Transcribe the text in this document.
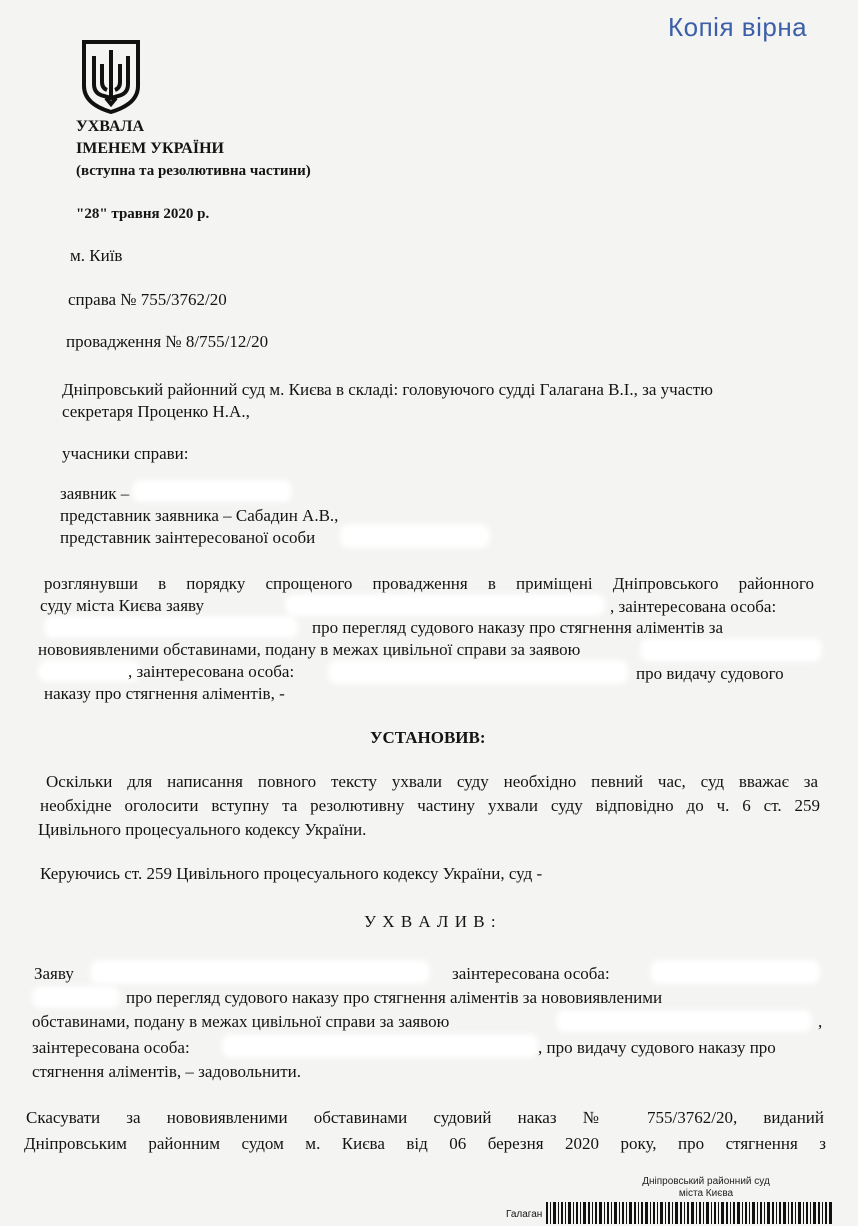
Копія вірна
УХВАЛА
ІМЕНЕМ УКРАЇНИ
(вступна та резолютивна частини)
"28" травня 2020 р.
м. Київ
справа № 755/3762/20
провадження № 8/755/12/20
Дніпровський районний суд м. Києва в складі: головуючого судді Галагана В.І., за участю
секретаря Проценко Н.А.,
учасники справи:
заявник –
представник заявника – Сабадин А.В.,
представник заінтересованої особи
розглянувши в порядку спрощеного провадження в приміщені Дніпровського районного
суду міста Києва заяву	, заінтересована особа:
про перегляд судового наказу про стягнення аліментів за
нововиявленими обставинами, подану в межах цивільної справи за заявою
, заінтересована особа:	про видачу судового
наказу про стягнення аліментів, -
УСТАНОВИВ:
Оскільки для написання повного тексту ухвали суду необхідно певний час, суд вважає за
необхідне оголосити вступну та резолютивну частину ухвали суду відповідно до ч. 6 ст. 259
Цивільного процесуального кодексу України.
Керуючись ст. 259 Цивільного процесуального кодексу України, суд -
У Х В А Л И В :
Заяву	заінтересована особа:
про перегляд судового наказу про стягнення аліментів за нововиявленими
обставинами, подану в межах цивільної справи за заявою	,
заінтересована особа:	, про видачу судового наказу про
стягнення аліментів, – задовольнити.
Скасувати за нововиявленими обставинами судовий наказ № 755/3762/20, виданий
Дніпровським районним судом м. Києва від 06 березня 2020 року, про стягнення з
Дніпровський районний суд
міста Києва
Галаган
